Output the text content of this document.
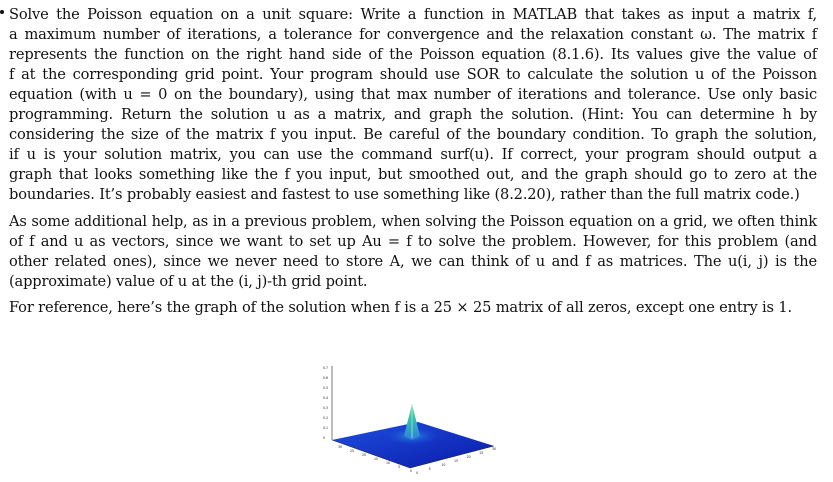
Solve the Poisson equation on a unit square: Write a function in MATLAB that takes as input a matrix f,
a maximum number of iterations, a tolerance for convergence and the relaxation constant ω. The matrix f
represents the function on the right hand side of the Poisson equation (8.1.6). Its values give the value of
f at the corresponding grid point. Your program should use SOR to calculate the solution u of the Poisson
equation (with u = 0 on the boundary), using that max number of iterations and tolerance. Use only basic
programming. Return the solution u as a matrix, and graph the solution. (Hint: You can determine h by
considering the size of the matrix f you input. Be careful of the boundary condition. To graph the solution,
if u is your solution matrix, you can use the command surf(u). If correct, your program should output a
graph that looks something like the f you input, but smoothed out, and the graph should go to zero at the
boundaries. It’s probably easiest and fastest to use something like (8.2.20), rather than the full matrix code.)
As some additional help, as in a previous problem, when solving the Poisson equation on a grid, we often think
of f and u as vectors, since we want to set up Au = f to solve the problem. However, for this problem (and
other related ones), since we never need to store A, we can think of u and f as matrices. The u(i, j) is the
(approximate) value of u at the (i, j)-th grid point.
For reference, here’s the graph of the solution when f is a 25 × 25 matrix of all zeros, except one entry is 1.
0.7
0.6
0.5
0.4
0.3
0.2
0.1
0
30
25
20
15
10
5
0 0
5
10
15
20
25
30
